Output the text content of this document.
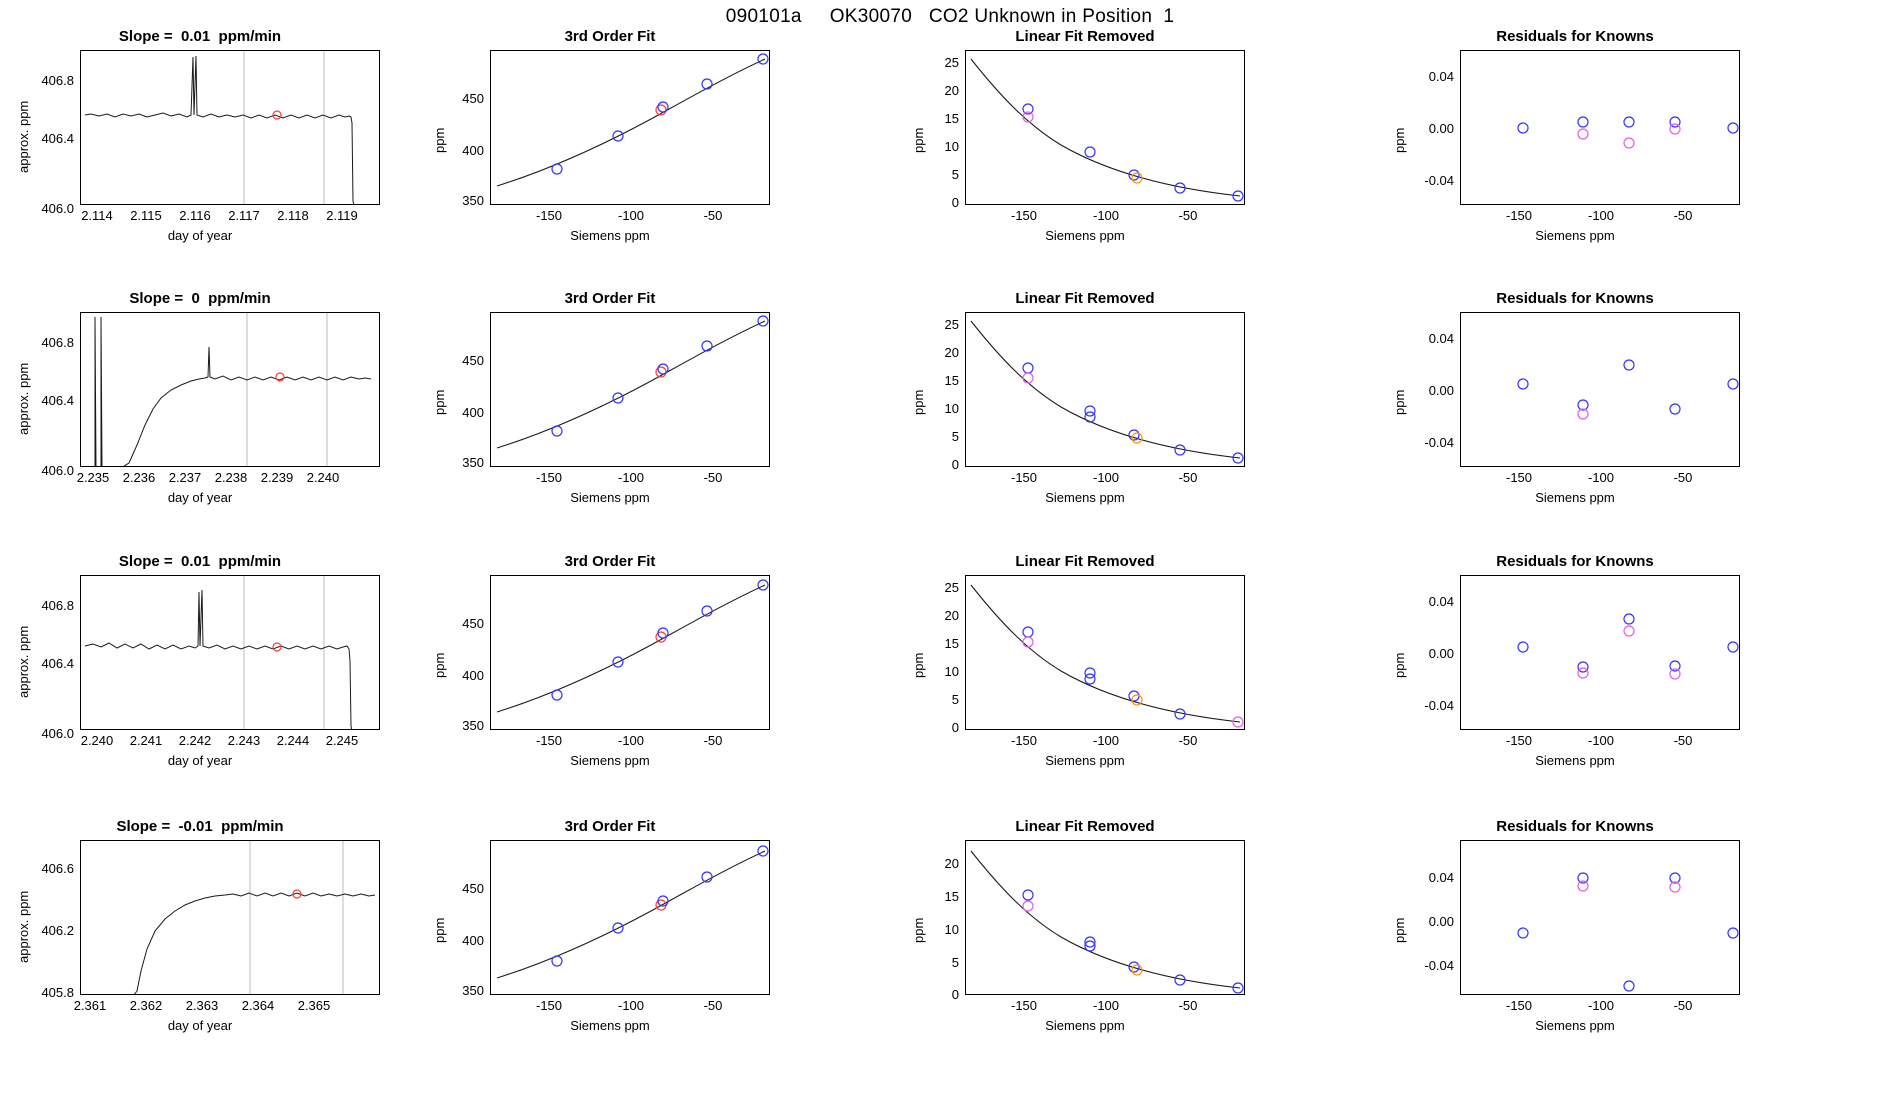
090101a     OK30070   CO2 Unknown in Position  1
Slope =  0.01  ppm/min
2.114	2.115	2.116	2.117	2.118	2.119
406.0
406.4
406.8
day of year
approx. ppm
3rd Order Fit
-150	-100	-50
350
400
450
Siemens ppm
ppm
Linear Fit Removed
-150	-100	-50
0
5
10
15
20
25
Siemens ppm
ppm
Residuals for Knowns
-150	-100	-50
-0.04
0.00
0.04
Siemens ppm
ppm
Slope =  0  ppm/min
2.235	2.236	2.237	2.238	2.239	2.240
406.0
406.4
406.8
day of year
approx. ppm
3rd Order Fit
-150	-100	-50
350
400
450
Siemens ppm
ppm
Linear Fit Removed
-150	-100	-50
0
5
10
15
20
25
Siemens ppm
ppm
Residuals for Knowns
-150	-100	-50
-0.04
0.00
0.04
Siemens ppm
ppm
Slope =  0.01  ppm/min
2.240	2.241	2.242	2.243	2.244	2.245
406.0
406.4
406.8
day of year
approx. ppm
3rd Order Fit
-150	-100	-50
350
400
450
Siemens ppm
ppm
Linear Fit Removed
-150	-100	-50
0
5
10
15
20
25
Siemens ppm
ppm
Residuals for Knowns
-150	-100	-50
-0.04
0.00
0.04
Siemens ppm
ppm
Slope =  -0.01  ppm/min
2.361	2.362	2.363	2.364	2.365
405.8
406.2
406.6
day of year
approx. ppm
3rd Order Fit
-150	-100	-50
350
400
450
Siemens ppm
ppm
Linear Fit Removed
-150	-100	-50
0
5
10
15
20
Siemens ppm
ppm
Residuals for Knowns
-150	-100	-50
-0.04
0.00
0.04
Siemens ppm
ppm
